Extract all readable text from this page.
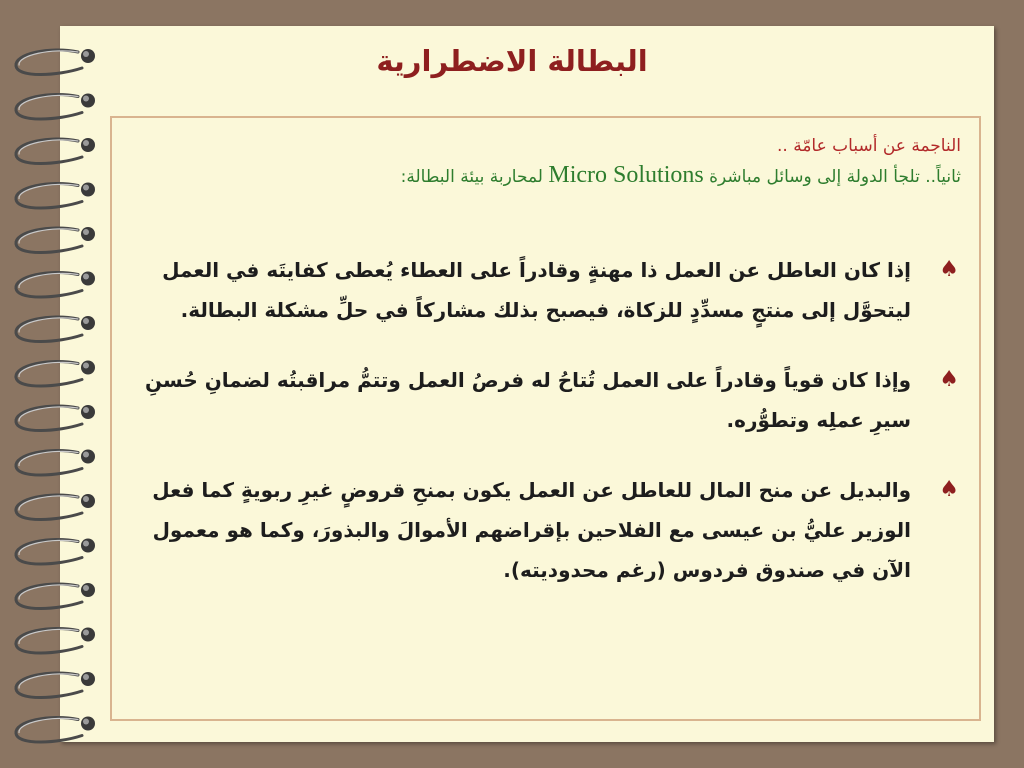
البطالة الاضطرارية
الناجمة عن أسباب عامّة ..
ثانياً.. تلجأ الدولة إلى وسائل مباشرة Micro Solutions لمحاربة بيئة البطالة:
♠
إذا كان العاطل عن العمل ذا مهنةٍ وقادراً على العطاء يُعطى كفايتَه في العمل ليتحوَّل إلى منتجٍ مسدِّدٍ للزكاة، فيصبح بذلك مشاركاً في حلِّ مشكلة البطالة.
♠
وإذا كان قوياً وقادراً على العمل تُتاحُ له فرصُ العمل وتتمُّ مراقبتُه لضمانِ حُسنِ سيرِ عملِه وتطوُّره.
♠
والبديل عن منح المال للعاطل عن العمل يكون بمنحِ قروضٍ غيرِ ربويةٍ كما فعل الوزير عليُّ بن عيسى مع الفلاحين بإقراضهم الأموالَ والبذورَ، وكما هو معمول الآن في صندوق فردوس (رغم محدوديته).
